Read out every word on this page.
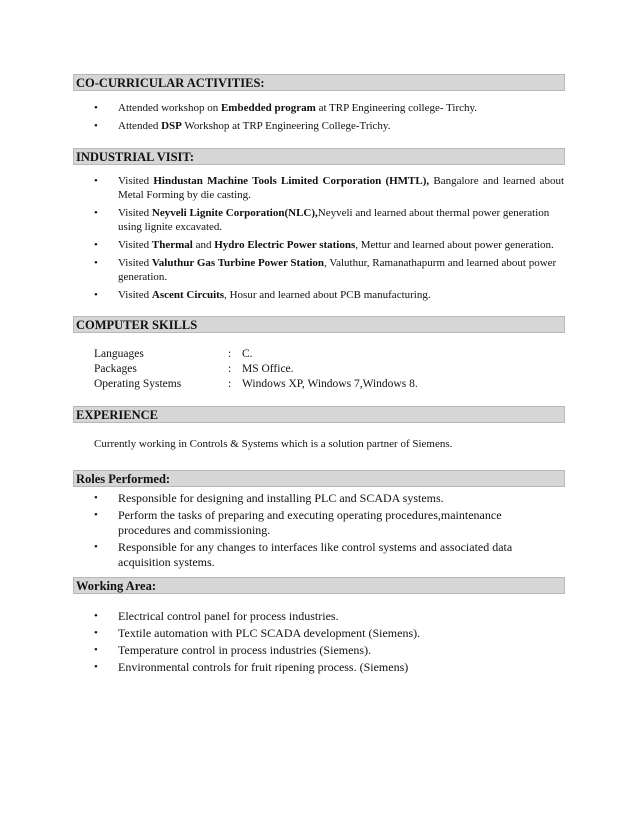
CO-CURRICULAR ACTIVITIES:
• Attended workshop on Embedded program at TRP Engineering college- Tirchy.
• Attended DSP Workshop at TRP Engineering College-Trichy.
INDUSTRIAL VISIT:
• Visited Hindustan Machine Tools Limited Corporation (HMTL), Bangalore and learned about Metal Forming by die casting.
• Visited Neyveli Lignite Corporation(NLC),Neyveli and learned about thermal power generation using lignite excavated.
• Visited Thermal and Hydro Electric Power stations, Mettur and learned about power generation.
• Visited Valuthur Gas Turbine Power Station, Valuthur, Ramanathapurm and learned about power generation.
• Visited Ascent Circuits, Hosur and learned about PCB manufacturing.
COMPUTER SKILLS
Languages	: C.
Packages	: MS Office.
Operating Systems	: Windows XP, Windows 7,Windows 8.
EXPERIENCE
Currently working in Controls & Systems which is a solution partner of Siemens.
Roles Performed:
• Responsible for designing and installing PLC and SCADA systems.
• Perform the tasks of preparing and executing operating procedures,maintenance procedures and commissioning.
• Responsible for any changes to interfaces like control systems and associated data acquisition systems.
Working Area:
• Electrical control panel for process industries.
• Textile automation with PLC SCADA development (Siemens).
• Temperature control in process industries (Siemens).
• Environmental controls for fruit ripening process. (Siemens)
